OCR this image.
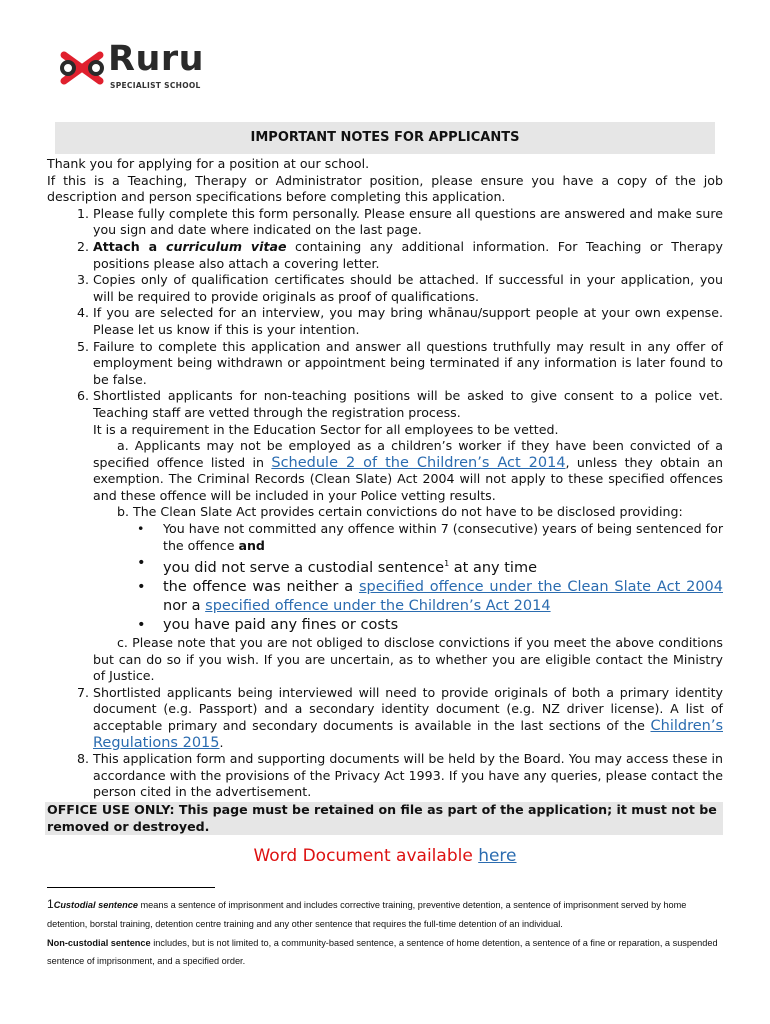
Ruru
SPECIALIST SCHOOL
IMPORTANT NOTES FOR APPLICANTS

Thank you for applying for a position at our school.

If this is a Teaching, Therapy or Administrator position, please ensure you have a copy of the job description and person specifications before completing this application.

1. Please fully complete this form personally. Please ensure all questions are answered and make sure you sign and date where indicated on the last page.
2. Attach a curriculum vitae containing any additional information. For Teaching or Therapy positions please also attach a covering letter.
3. Copies only of qualification certificates should be attached. If successful in your application, you will be required to provide originals as proof of qualifications.
4. If you are selected for an interview, you may bring whānau/support people at your own expense. Please let us know if this is your intention.
5. Failure to complete this application and answer all questions truthfully may result in any offer of employment being withdrawn or appointment being terminated if any information is later found to be false.
6. Shortlisted applicants for non-teaching positions will be asked to give consent to a police vet. Teaching staff are vetted through the registration process.
It is a requirement in the Education Sector for all employees to be vetted.
a. Applicants may not be employed as a children’s worker if they have been convicted of a specified offence listed in Schedule 2 of the Children’s Act 2014, unless they obtain an exemption. The Criminal Records (Clean Slate) Act 2004 will not apply to these specified offences and these offence will be included in your Police vetting results.
b. The Clean Slate Act provides certain convictions do not have to be disclosed providing:
• You have not committed any offence within 7 (consecutive) years of being sentenced for the offence and
• you did not serve a custodial sentence$^1$ at any time
• the offence was neither a specified offence under the Clean Slate Act 2004 nor a specified offence under the Children’s Act 2014
• you have paid any fines or costs
c. Please note that you are not obliged to disclose convictions if you meet the above conditions but can do so if you wish. If you are uncertain, as to whether you are eligible contact the Ministry of Justice.
7. Shortlisted applicants being interviewed will need to provide originals of both a primary identity document (e.g. Passport) and a secondary identity document (e.g. NZ driver license). A list of acceptable primary and secondary documents is available in the last sections of the Children’s Regulations 2015.
8. This application form and supporting documents will be held by the Board. You may access these in accordance with the provisions of the Privacy Act 1993. If you have any queries, please contact the person cited in the advertisement.
OFFICE USE ONLY: This page must be retained on file as part of the application; it must not be removed or destroyed.
Word Document available here
1Custodial sentence means a sentence of imprisonment and includes corrective training, preventive detention, a sentence of imprisonment served by home detention, borstal training, detention centre training and any other sentence that requires the full-time detention of an individual.
Non-custodial sentence includes, but is not limited to, a community-based sentence, a sentence of home detention, a sentence of a fine or reparation, a suspended sentence of imprisonment, and a specified order.
